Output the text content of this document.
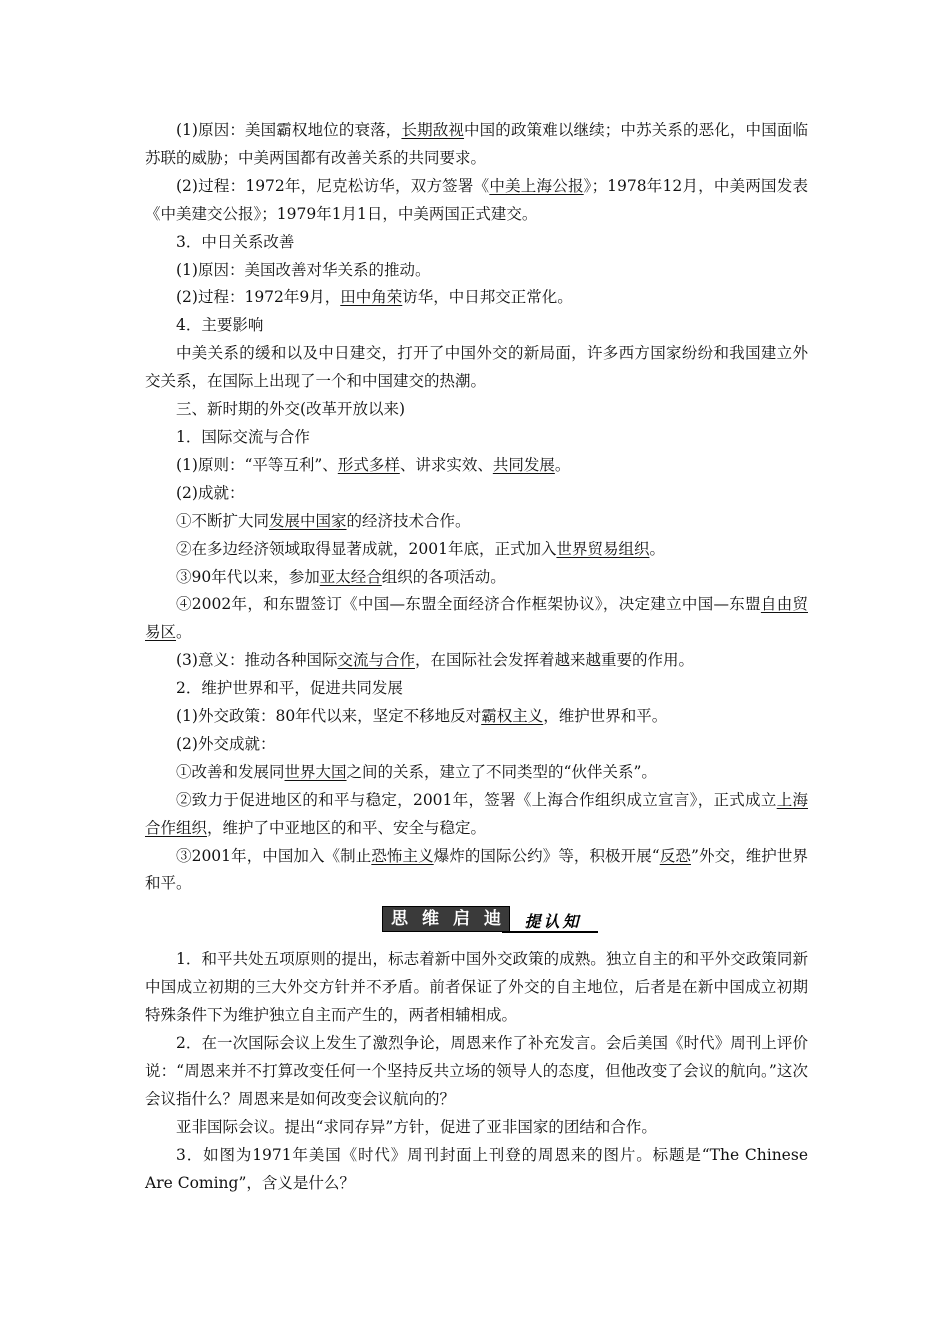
(1)原因：美国霸权地位的衰落，长期敌视中国的政策难以继续；中苏关系的恶化，中国面临苏联的威胁；中美两国都有改善关系的共同要求。

(2)过程：1972年，尼克松访华，双方签署《中美上海公报》；1978年12月，中美两国发表《中美建交公报》；1979年1月1日，中美两国正式建交。

3．中日关系改善

(1)原因：美国改善对华关系的推动。

(2)过程：1972年9月，田中角荣访华，中日邦交正常化。

4．主要影响

中美关系的缓和以及中日建交，打开了中国外交的新局面，许多西方国家纷纷和我国建立外交关系，在国际上出现了一个和中国建交的热潮。

三、新时期的外交(改革开放以来)

1．国际交流与合作

(1)原则：“平等互利”、形式多样、讲求实效、共同发展。

(2)成就：

①不断扩大同发展中国家的经济技术合作。

②在多边经济领域取得显著成就，2001年底，正式加入世界贸易组织。

③90年代以来，参加亚太经合组织的各项活动。

④2002年，和东盟签订《中国—东盟全面经济合作框架协议》，决定建立中国—东盟自由贸易区。

(3)意义：推动各种国际交流与合作，在国际社会发挥着越来越重要的作用。

2．维护世界和平，促进共同发展

(1)外交政策：80年代以来，坚定不移地反对霸权主义，维护世界和平。

(2)外交成就：

①改善和发展同世界大国之间的关系，建立了不同类型的“伙伴关系”。

②致力于促进地区的和平与稳定，2001年，签署《上海合作组织成立宣言》，正式成立上海合作组织，维护了中亚地区的和平、安全与稳定。

③2001年，中国加入《制止恐怖主义爆炸的国际公约》等，积极开展“反恐”外交，维护世界和平。

思维启迪 提认知

1．和平共处五项原则的提出，标志着新中国外交政策的成熟。独立自主的和平外交政策同新中国成立初期的三大外交方针并不矛盾。前者保证了外交的自主地位，后者是在新中国成立初期特殊条件下为维护独立自主而产生的，两者相辅相成。

2．在一次国际会议上发生了激烈争论，周恩来作了补充发言。会后美国《时代》周刊上评价说：“周恩来并不打算改变任何一个坚持反共立场的领导人的态度，但他改变了会议的航向。”这次会议指什么？周恩来是如何改变会议航向的？

亚非国际会议。提出“求同存异”方针，促进了亚非国家的团结和合作。

3．如图为1971年美国《时代》周刊封面上刊登的周恩来的图片。标题是“The Chinese Are Coming”，含义是什么？
